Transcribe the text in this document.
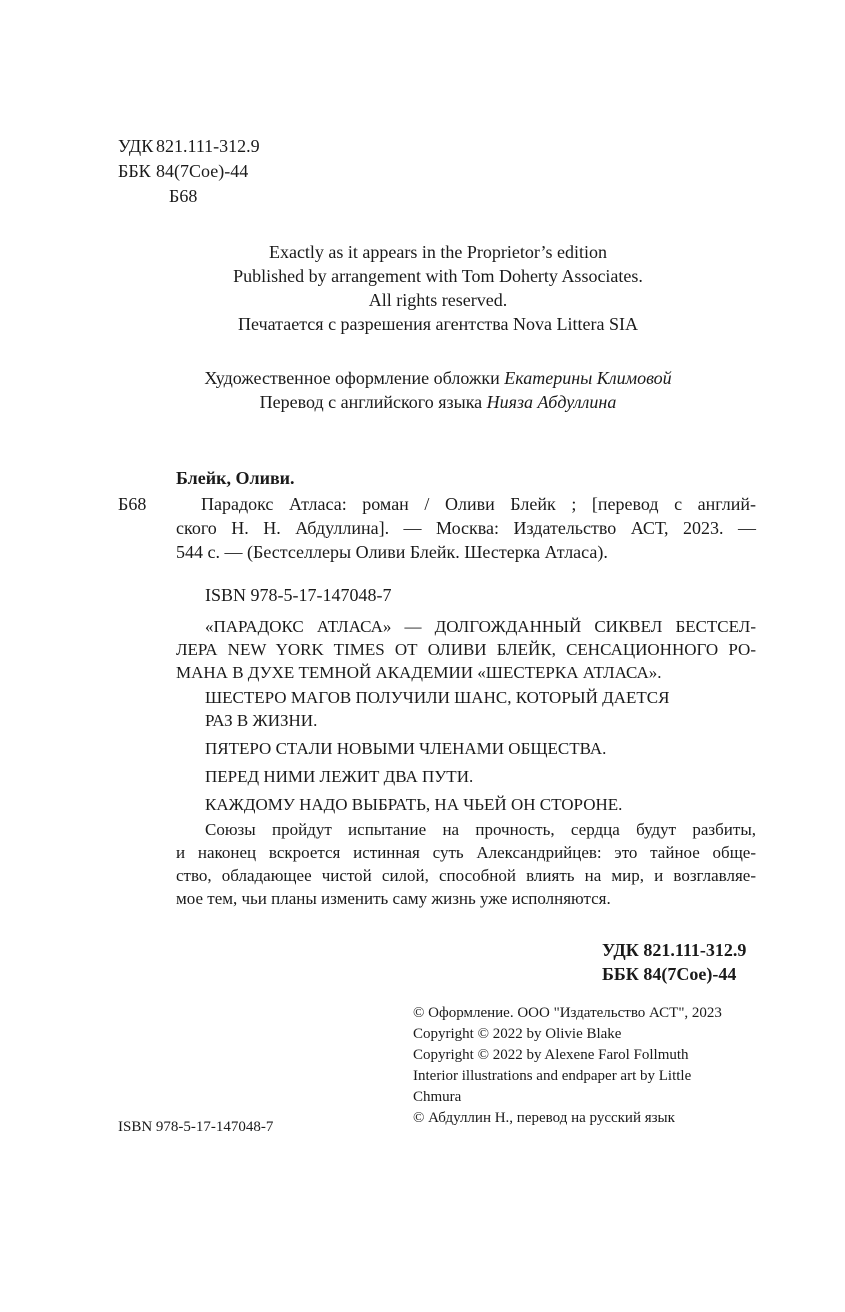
УДК 821.111-312.9
ББК 84(7Сое)-44
Б68
Exactly as it appears in the Proprietor’s edition
Published by arrangement with Tom Doherty Associates.
All rights reserved.
Печатается с разрешения агентства Nova Littera SIA
Художественное оформление обложки Екатерины Климовой
Перевод с английского языка Нияза Абдуллина
Блейк, Оливи.
Б68	Парадокс Атласа: роман / Оливи Блейк ; [перевод с англий-
ского Н. Н. Абдуллина]. — Москва: Издательство АСТ, 2023. —
544 с. — (Бестселлеры Оливи Блейк. Шестерка Атласа).
ISBN 978-5-17-147048-7
«ПАРАДОКС АТЛАСА» — ДОЛГОЖДАННЫЙ СИКВЕЛ БЕСТСЕЛ-
ЛЕРА NEW YORK TIMES ОТ ОЛИВИ БЛЕЙК, СЕНСАЦИОННОГО РО-
МАНА В ДУХЕ ТЕМНОЙ АКАДЕМИИ «ШЕСТЕРКА АТЛАСА».
ШЕСТЕРО МАГОВ ПОЛУЧИЛИ ШАНС, КОТОРЫЙ ДАЕТСЯ
РАЗ В ЖИЗНИ.
ПЯТЕРО СТАЛИ НОВЫМИ ЧЛЕНАМИ ОБЩЕСТВА.
ПЕРЕД НИМИ ЛЕЖИТ ДВА ПУТИ.
КАЖДОМУ НАДО ВЫБРАТЬ, НА ЧЬЕЙ ОН СТОРОНЕ.
Союзы пройдут испытание на прочность, сердца будут разбиты,
и наконец вскроется истинная суть Александрийцев: это тайное обще-
ство, обладающее чистой силой, способной влиять на мир, и возглавляе-
мое тем, чьи планы изменить саму жизнь уже исполняются.
УДК 821.111-312.9
ББК 84(7Сое)-44
© Оформление. ООО "Издательство АСТ", 2023
Copyright © 2022 by Olivie Blake
Copyright © 2022 by Alexene Farol Follmuth
Interior illustrations and endpaper art by Little
Chmura
© Абдуллин Н., перевод на русский язык
ISBN 978-5-17-147048-7
